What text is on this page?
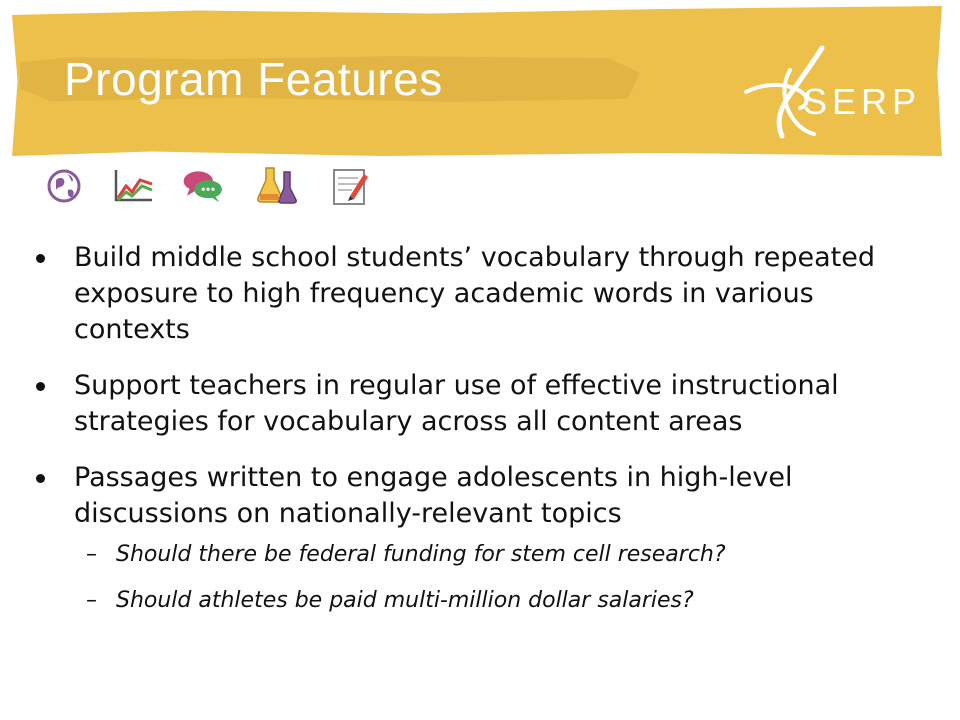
Program Features	SERP
Build middle school students’ vocabulary through repeated exposure to high frequency academic words in various contexts
Support teachers in regular use of effective instructional strategies for vocabulary across all content areas
Passages written to engage adolescents in high-level discussions on nationally-relevant topics
– Should there be federal funding for stem cell research?
– Should athletes be paid multi-million dollar salaries?
